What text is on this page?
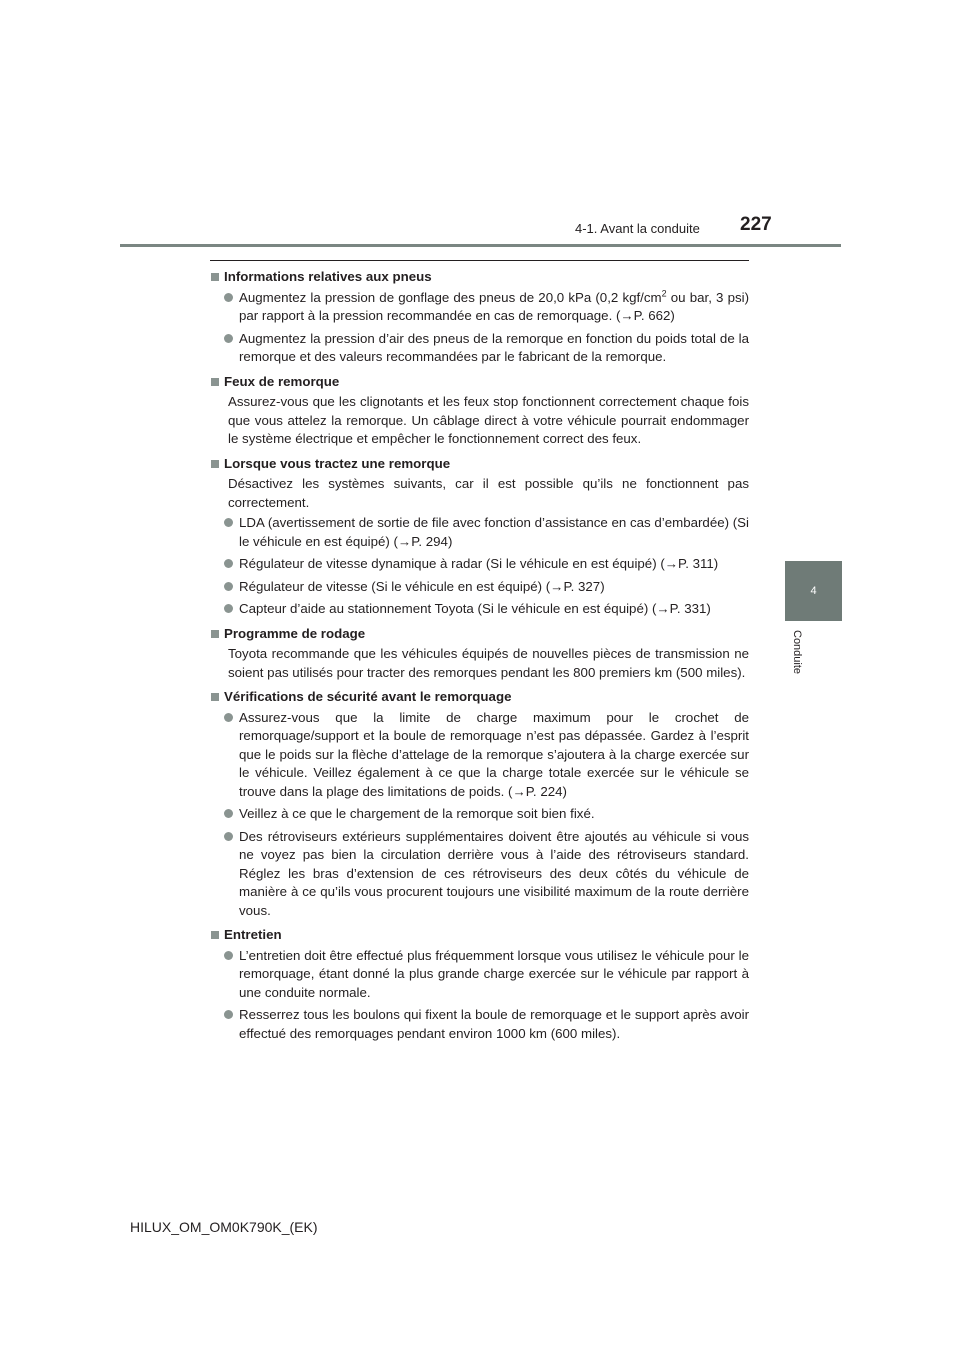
4-1. Avant la conduite 227
4
Conduite
Informations relatives aux pneus
Augmentez la pression de gonflage des pneus de 20,0 kPa (0,2 kgf/$cm^2$ ou bar, 3 psi) par rapport à la pression recommandée en cas de remorquage. (→P. 662)
Augmentez la pression d’air des pneus de la remorque en fonction du poids total de la remorque et des valeurs recommandées par le fabricant de la remorque.
Feux de remorque
Assurez-vous que les clignotants et les feux stop fonctionnent correctement chaque fois que vous attelez la remorque. Un câblage direct à votre véhicule pourrait endommager le système électrique et empêcher le fonctionnement correct des feux.
Lorsque vous tractez une remorque
Désactivez les systèmes suivants, car il est possible qu’ils ne fonctionnent pas correctement.
LDA (avertissement de sortie de file avec fonction d’assistance en cas d’embardée) (Si le véhicule en est équipé) (→P. 294)
Régulateur de vitesse dynamique à radar (Si le véhicule en est équipé) (→P. 311)
Régulateur de vitesse (Si le véhicule en est équipé) (→P. 327)
Capteur d’aide au stationnement Toyota (Si le véhicule en est équipé) (→P. 331)
Programme de rodage
Toyota recommande que les véhicules équipés de nouvelles pièces de transmission ne soient pas utilisés pour tracter des remorques pendant les 800 premiers km (500 miles).
Vérifications de sécurité avant le remorquage
Assurez-vous que la limite de charge maximum pour le crochet de remorquage/support et la boule de remorquage n’est pas dépassée. Gardez à l’esprit que le poids sur la flèche d’attelage de la remorque s’ajoutera à la charge exercée sur le véhicule. Veillez également à ce que la charge totale exercée sur le véhicule se trouve dans la plage des limitations de poids. (→P. 224)
Veillez à ce que le chargement de la remorque soit bien fixé.
Des rétroviseurs extérieurs supplémentaires doivent être ajoutés au véhicule si vous ne voyez pas bien la circulation derrière vous à l’aide des rétroviseurs standard. Réglez les bras d’extension de ces rétroviseurs des deux côtés du véhicule de manière à ce qu’ils vous procurent toujours une visibilité maximum de la route derrière vous.
Entretien
L’entretien doit être effectué plus fréquemment lorsque vous utilisez le véhicule pour le remorquage, étant donné la plus grande charge exercée sur le véhicule par rapport à une conduite normale.
Resserrez tous les boulons qui fixent la boule de remorquage et le support après avoir effectué des remorquages pendant environ 1000 km (600 miles).
HILUX_OM_OM0K790K_(EK)
